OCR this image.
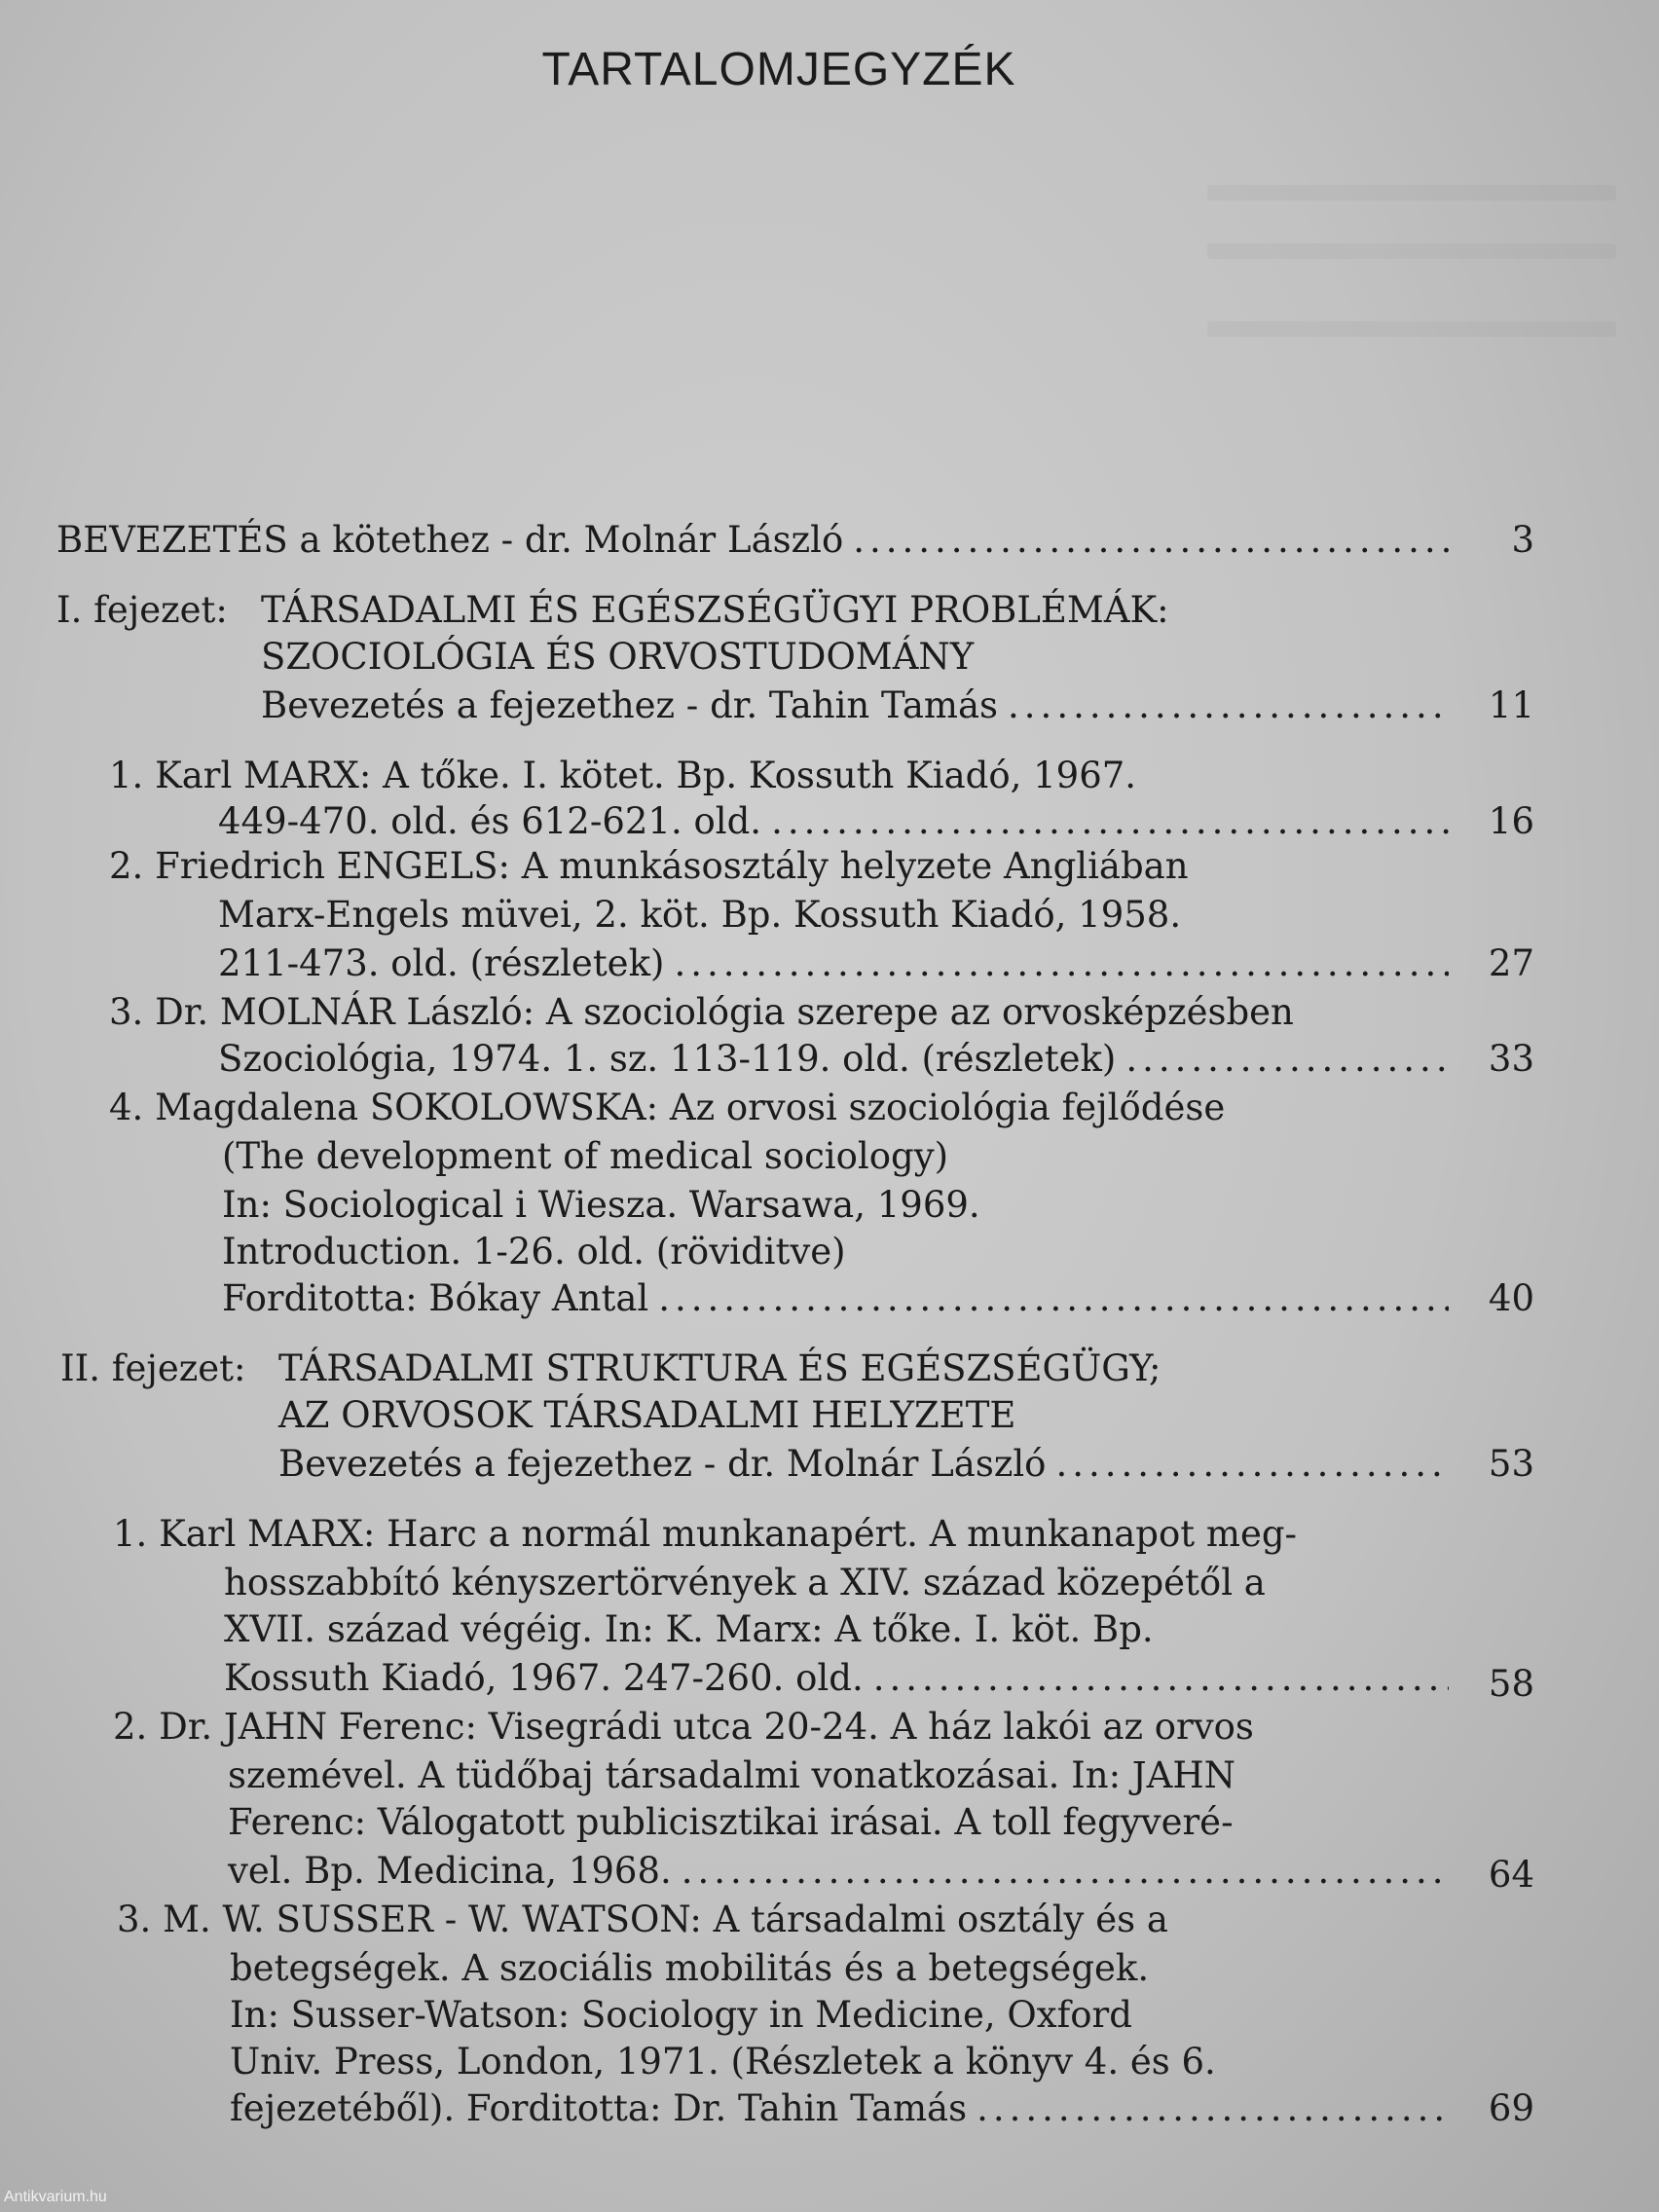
TARTALOMJEGYZÉK
BEVEZETÉS a kötethez - dr. Molnár László .....	3
I. fejezet: TÁRSADALMI ÉS EGÉSZSÉGÜGYI PROBLÉMÁK:
SZOCIOLÓGIA ÉS ORVOSTUDOMÁNY
Bevezetés a fejezethez - dr. Tahin Tamás .....	11
1. Karl MARX: A tőke. I. kötet. Bp. Kossuth Kiadó, 1967.
449-470. old. és 612-621. old. .....	16
2. Friedrich ENGELS: A munkásosztály helyzete Angliában
Marx-Engels müvei, 2. köt. Bp. Kossuth Kiadó, 1958.
211-473. old. (részletek) .....	27
3. Dr. MOLNÁR László: A szociológia szerepe az orvosképzésben
Szociológia, 1974. 1. sz. 113-119. old. (részletek) .....	33
4. Magdalena SOKOLOWSKA: Az orvosi szociológia fejlődése
(The development of medical sociology)
In: Sociological i Wiesza. Warsawa, 1969.
Introduction. 1-26. old. (röviditve)
Forditotta: Bókay Antal .....	40
II. fejezet: TÁRSADALMI STRUKTURA ÉS EGÉSZSÉGÜGY;
AZ ORVOSOK TÁRSADALMI HELYZETE
Bevezetés a fejezethez - dr. Molnár László .....	53
1. Karl MARX: Harc a normál munkanapért. A munkanapot meg-
hosszabbító kényszertörvények a XIV. század közepétől a
XVII. század végéig. In: K. Marx: A tőke. I. köt. Bp.
Kossuth Kiadó, 1967. 247-260. old. .....	58
2. Dr. JAHN Ferenc: Visegrádi utca 20-24. A ház lakói az orvos
szemével. A tüdőbaj társadalmi vonatkozásai. In: JAHN
Ferenc: Válogatott publicisztikai irásai. A toll fegyveré-
vel. Bp. Medicina, 1968. .....	64
3. M. W. SUSSER - W. WATSON: A társadalmi osztály és a
betegségek. A szociális mobilitás és a betegségek.
In: Susser-Watson: Sociology in Medicine, Oxford
Univ. Press, London, 1971. (Részletek a könyv 4. és 6.
fejezetéből). Forditotta: Dr. Tahin Tamás .....	69
Antikvarium.hu
